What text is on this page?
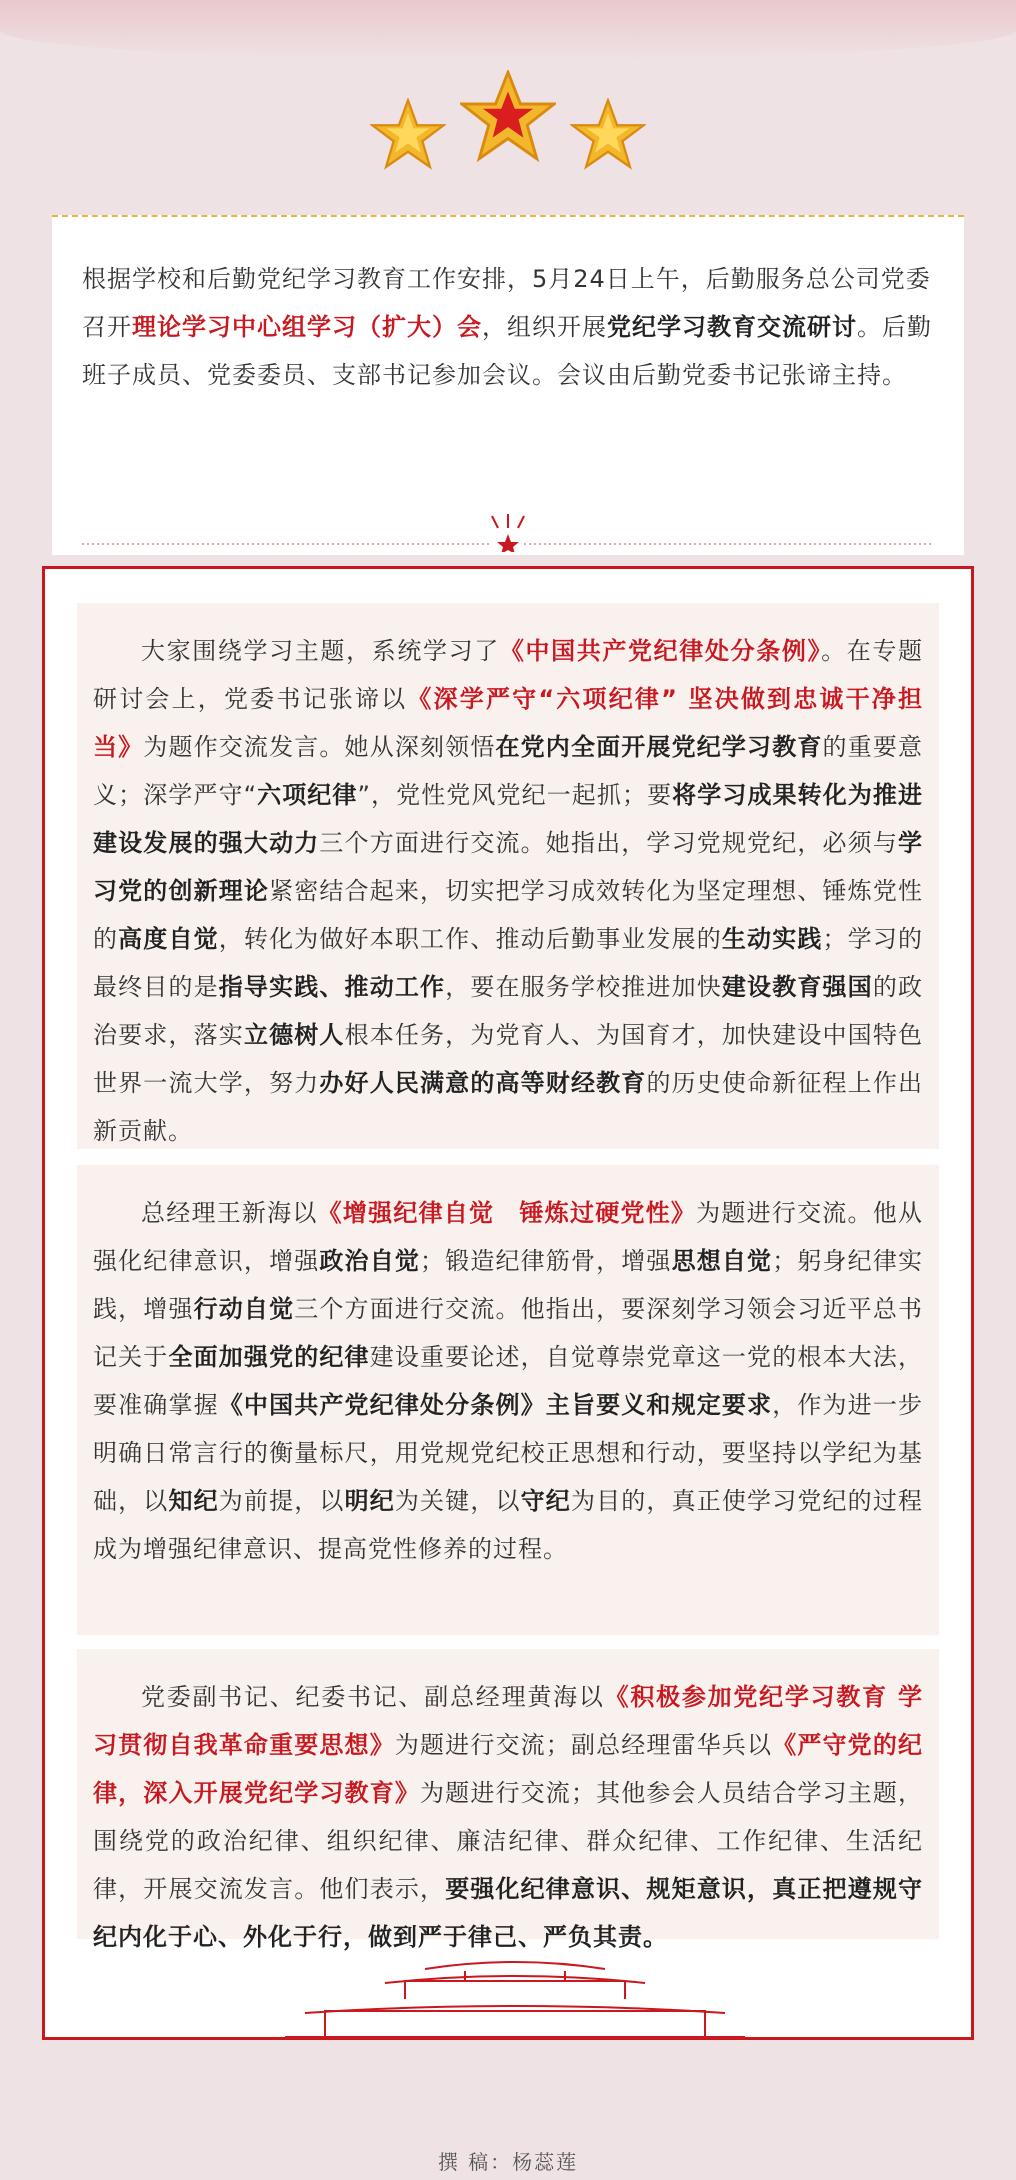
根据学校和后勤党纪学习教育工作安排，5月24日上午，后勤服务总公司党委召开理论学习中心组学习（扩大）会，组织开展党纪学习教育交流研讨。后勤班子成员、党委委员、支部书记参加会议。会议由后勤党委书记张谛主持。

大家围绕学习主题，系统学习了《中国共产党纪律处分条例》。在专题研讨会上，党委书记张谛以《深学严守“六项纪律” 坚决做到忠诚干净担当》为题作交流发言。她从深刻领悟在党内全面开展党纪学习教育的重要意义；深学严守“六项纪律”，党性党风党纪一起抓；要将学习成果转化为推进建设发展的强大动力三个方面进行交流。她指出，学习党规党纪，必须与学习党的创新理论紧密结合起来，切实把学习成效转化为坚定理想、锤炼党性的高度自觉，转化为做好本职工作、推动后勤事业发展的生动实践；学习的最终目的是指导实践、推动工作，要在服务学校推进加快建设教育强国的政治要求，落实立德树人根本任务，为党育人、为国育才，加快建设中国特色世界一流大学，努力办好人民满意的高等财经教育的历史使命新征程上作出新贡献。

总经理王新海以《增强纪律自觉　锤炼过硬党性》为题进行交流。他从强化纪律意识，增强政治自觉；锻造纪律筋骨，增强思想自觉；躬身纪律实践，增强行动自觉三个方面进行交流。他指出，要深刻学习领会习近平总书记关于全面加强党的纪律建设重要论述，自觉尊崇党章这一党的根本大法，要准确掌握《中国共产党纪律处分条例》主旨要义和规定要求，作为进一步明确日常言行的衡量标尺，用党规党纪校正思想和行动，要坚持以学纪为基础，以知纪为前提，以明纪为关键，以守纪为目的，真正使学习党纪的过程成为增强纪律意识、提高党性修养的过程。

党委副书记、纪委书记、副总经理黄海以《积极参加党纪学习教育 学习贯彻自我革命重要思想》为题进行交流；副总经理雷华兵以《严守党的纪律，深入开展党纪学习教育》为题进行交流；其他参会人员结合学习主题，围绕党的政治纪律、组织纪律、廉洁纪律、群众纪律、工作纪律、生活纪律，开展交流发言。他们表示，要强化纪律意识、规矩意识，真正把遵规守纪内化于心、外化于行，做到严于律己、严负其责。

撰 稿：杨蕊莲
